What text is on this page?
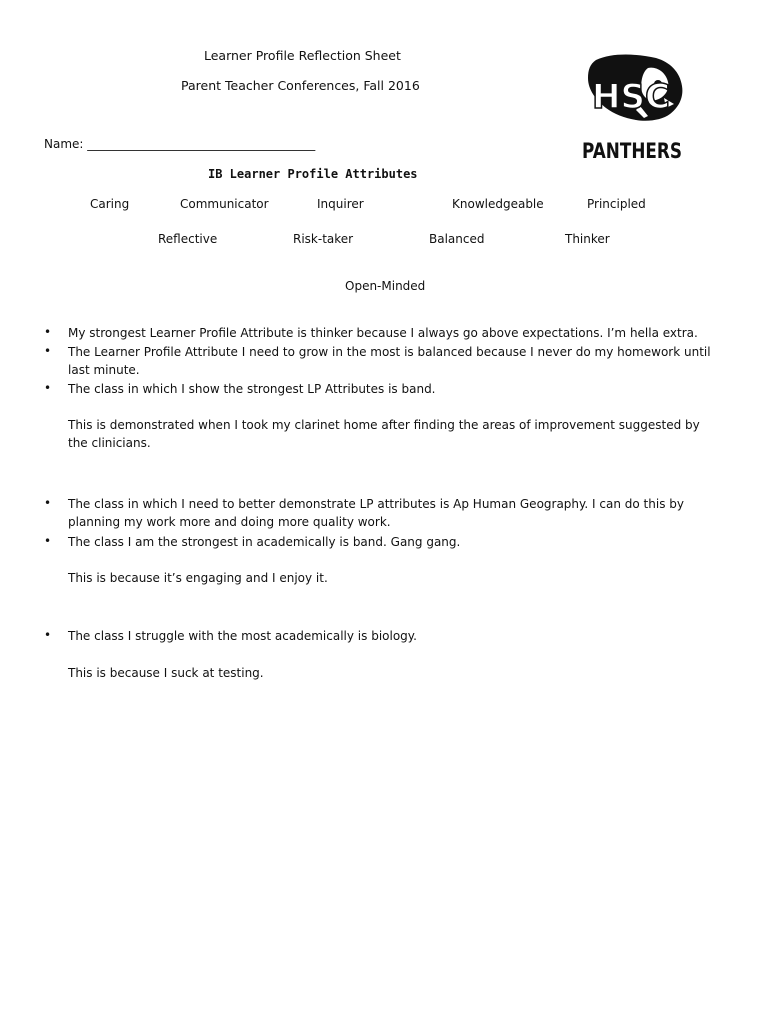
Learner Profile Reflection Sheet
Parent Teacher Conferences, Fall 2016
Name: ______________________________________
HSC
PANTHERS
IB Learner Profile Attributes
Caring	Communicator	Inquirer	Knowledgeable	Principled
Reflective	Risk-taker	Balanced	Thinker
Open-Minded
• My strongest Learner Profile Attribute is thinker because I always go above expectations. I’m hella extra.
• The Learner Profile Attribute I need to grow in the most is balanced because I never do my homework until last minute.
• The class in which I show the strongest LP Attributes is band.
This is demonstrated when I took my clarinet home after finding the areas of improvement suggested by the clinicians.
• The class in which I need to better demonstrate LP attributes is Ap Human Geography. I can do this by planning my work more and doing more quality work.
• The class I am the strongest in academically is band. Gang gang.
This is because it’s engaging and I enjoy it.
• The class I struggle with the most academically is biology.
This is because I suck at testing.
